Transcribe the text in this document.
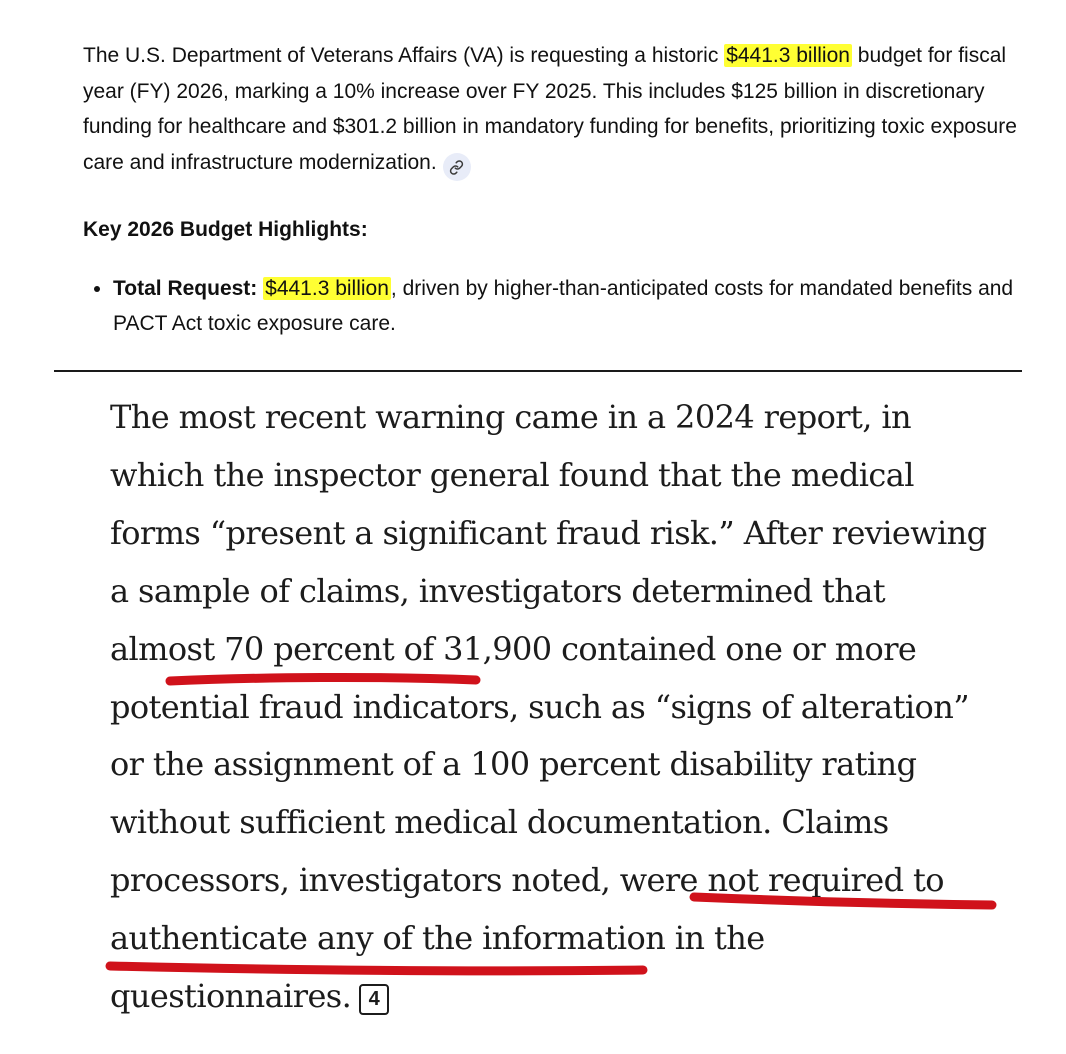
The U.S. Department of Veterans Affairs (VA) is requesting a historic $441.3 billion budget for fiscal year (FY) 2026, marking a 10% increase over FY 2025. This includes $125 billion in discretionary funding for healthcare and $301.2 billion in mandatory funding for benefits, prioritizing toxic exposure care and infrastructure modernization.

Key 2026 Budget Highlights:

• Total Request: $441.3 billion, driven by higher-than-anticipated costs for mandated benefits and PACT Act toxic exposure care.
The most recent warning came in a 2024 report, in
which the inspector general found that the medical
forms “present a significant fraud risk.” After reviewing
a sample of claims, investigators determined that
almost 70 percent of 31,900 contained one or more
potential fraud indicators, such as “signs of alteration”
or the assignment of a 100 percent disability rating
without sufficient medical documentation. Claims
processors, investigators noted, were not required to
authenticate any of the information in the
questionnaires. 4
